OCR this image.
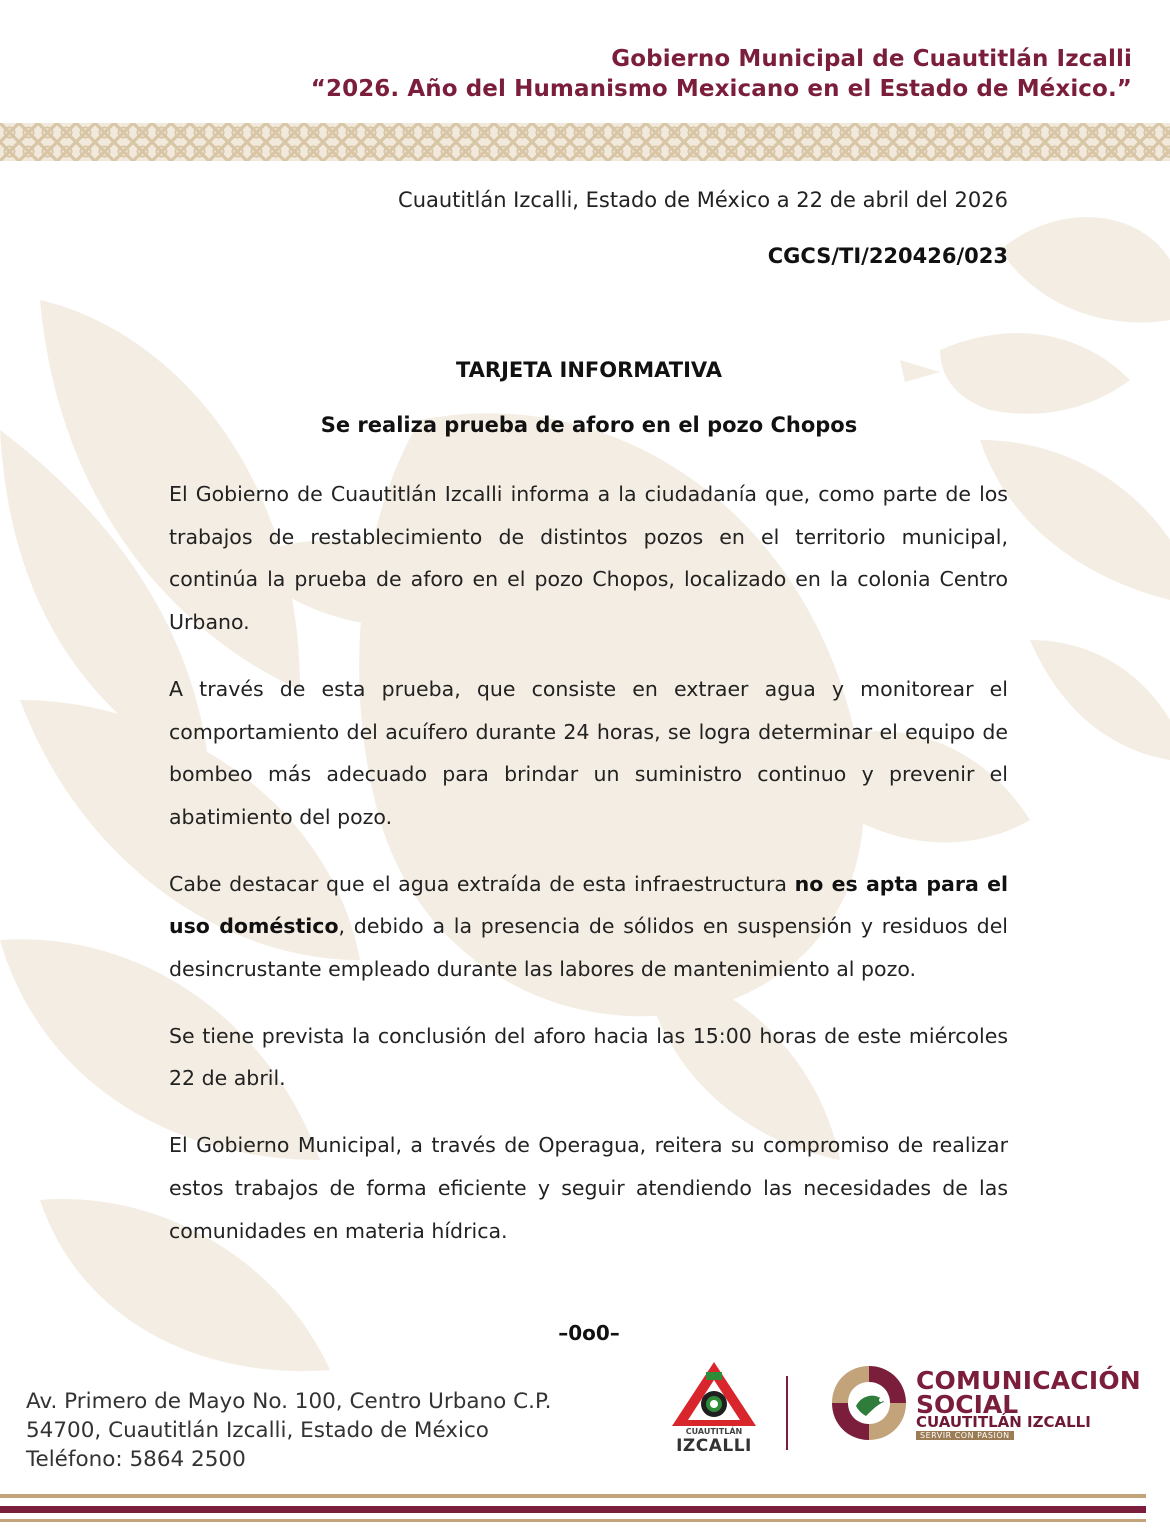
Gobierno Municipal de Cuautitlán Izcalli
“2026. Año del Humanismo Mexicano en el Estado de México.”
Cuautitlán Izcalli, Estado de México a 22 de abril del 2026
CGCS/TI/220426/023
TARJETA INFORMATIVA
Se realiza prueba de aforo en el pozo Chopos

El Gobierno de Cuautitlán Izcalli informa a la ciudadanía que, como parte de los trabajos de restablecimiento de distintos pozos en el territorio municipal, continúa la prueba de aforo en el pozo Chopos, localizado en la colonia Centro Urbano.

A través de esta prueba, que consiste en extraer agua y monitorear el comportamiento del acuífero durante 24 horas, se logra determinar el equipo de bombeo más adecuado para brindar un suministro continuo y prevenir el abatimiento del pozo.

Cabe destacar que el agua extraída de esta infraestructura no es apta para el uso doméstico, debido a la presencia de sólidos en suspensión y residuos del desincrustante empleado durante las labores de mantenimiento al pozo.

Se tiene prevista la conclusión del aforo hacia las 15:00 horas de este miércoles 22 de abril.

El Gobierno Municipal, a través de Operagua, reitera su compromiso de realizar estos trabajos de forma eficiente y seguir atendiendo las necesidades de las comunidades en materia hídrica.

–0o0–
Av. Primero de Mayo No. 100, Centro Urbano C.P.
54700, Cuautitlán Izcalli, Estado de México
Teléfono: 5864 2500
CUAUTITLÁN
IZCALLI
COMUNICACIÓN
SOCIAL
CUAUTITLÁN IZCALLI
SERVIR CON PASIÓN
